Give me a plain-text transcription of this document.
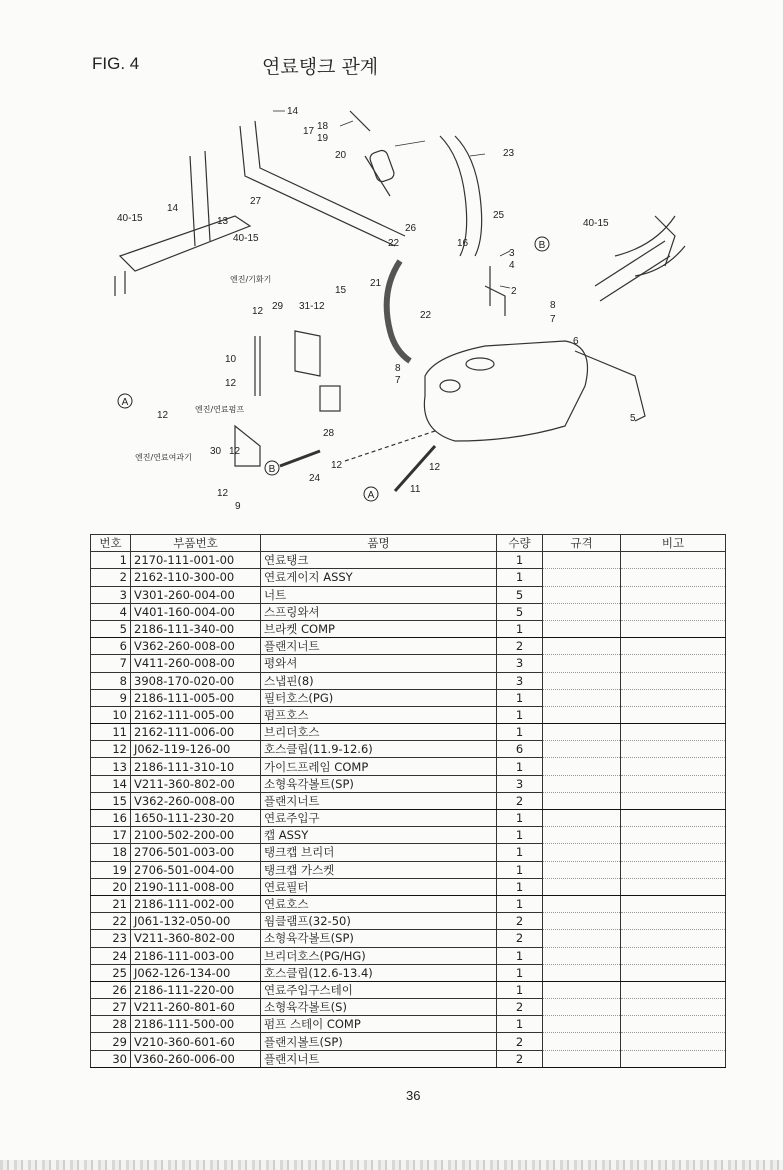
FIG. 4	연료탱크 관계
14
17 18
19
20	23
27
26
25
16
22
3
4
2
21
15
13
14
40-15
40-15
40-15
29 31-12
22
8
7
6
5
8
7
12
10
12
12
30 12
28
12
24
12
11
12
9
엔진/기화기
엔진/연료펌프
엔진/연료여과기
A
A
B
B
번호	부품번호	품명	수량	규격	비고
1	2170-111-001-00	연료탱크	1		
2	2162-110-300-00	연료게이지 ASSY	1		
3	V301-260-004-00	너트	5		
4	V401-160-004-00	스프링와셔	5		
5	2186-111-340-00	브라켓 COMP	1		
6	V362-260-008-00	플랜지너트	2		
7	V411-260-008-00	평와셔	3		
8	3908-170-020-00	스냅핀(8)	3		
9	2186-111-005-00	필터호스(PG)	1		
10	2162-111-005-00	펌프호스	1		
11	2162-111-006-00	브리더호스	1		
12	J062-119-126-00	호스클립(11.9-12.6)	6		
13	2186-111-310-10	가이드프레임 COMP	1		
14	V211-360-802-00	소형육각볼트(SP)	3		
15	V362-260-008-00	플랜지너트	2		
16	1650-111-230-20	연료주입구	1		
17	2100-502-200-00	캡 ASSY	1		
18	2706-501-003-00	탱크캡 브리더	1		
19	2706-501-004-00	탱크캡 가스켓	1		
20	2190-111-008-00	연료필터	1		
21	2186-111-002-00	연료호스	1		
22	J061-132-050-00	웜클램프(32-50)	2		
23	V211-360-802-00	소형육각볼트(SP)	2		
24	2186-111-003-00	브리더호스(PG/HG)	1		
25	J062-126-134-00	호스클립(12.6-13.4)	1		
26	2186-111-220-00	연료주입구스테이	1		
27	V211-260-801-60	소형육각볼트(S)	2		
28	2186-111-500-00	펌프 스테이 COMP	1		
29	V210-360-601-60	플랜지볼트(SP)	2		
30	V360-260-006-00	플랜지너트	2		
36
